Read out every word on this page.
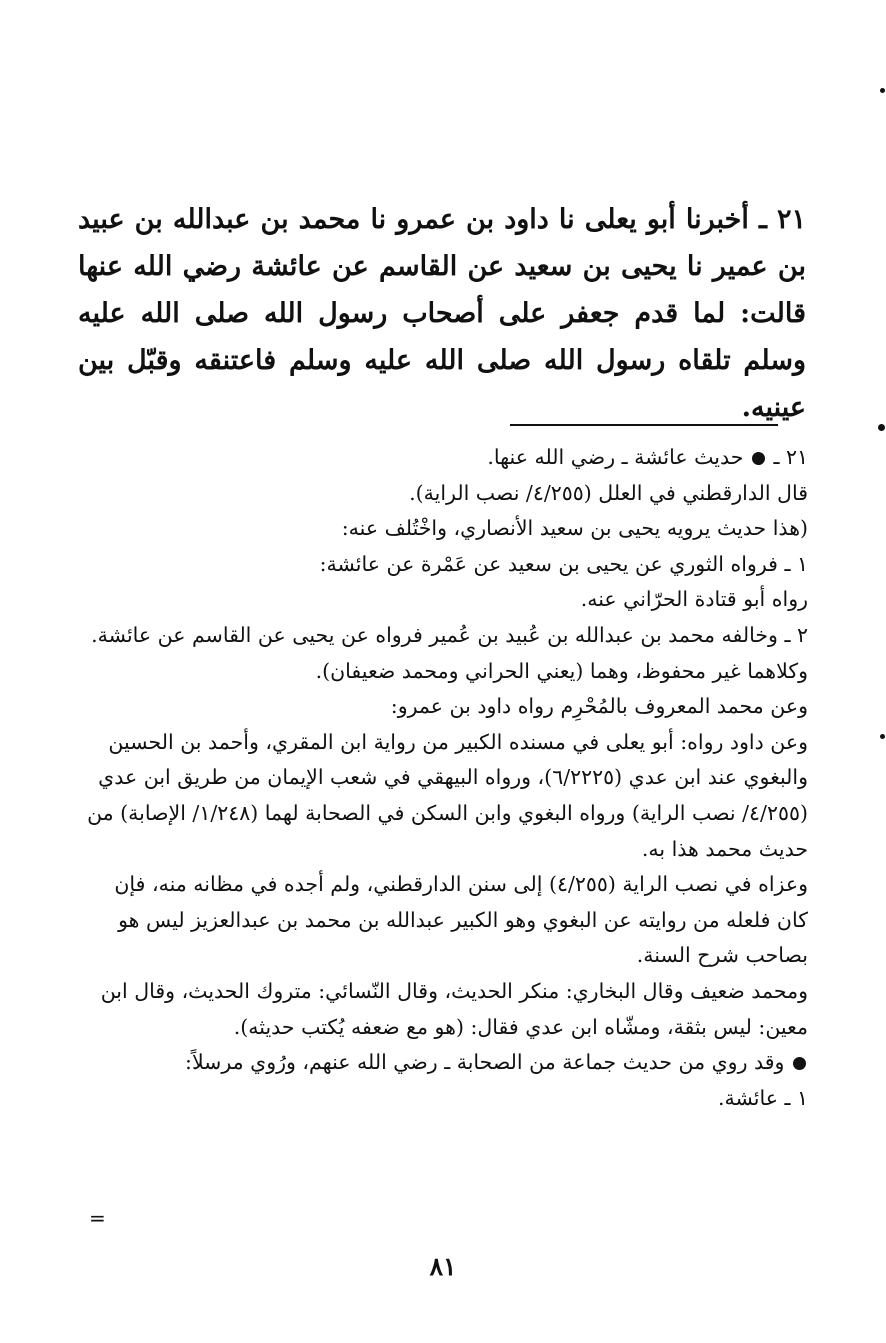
٢١ ـ أخبرنا أبو يعلى نا داود بن عمرو نا محمد بن عبدالله بن عبيد بن عمير نا يحيى بن سعيد عن القاسم عن عائشة رضي الله عنها قالت: لما قدم جعفر على أصحاب رسول الله صلى الله عليه وسلم تلقاه رسول الله صلى الله عليه وسلم فاعتنقه وقبّل بين عينيه.

٢١ ـ  حديث عائشة ـ رضي الله عنها.

قال الدارقطني في العلل (٤/٢٥٥/ نصب الراية).

(هذا حديث يرويه يحيى بن سعيد الأنصاري، واخْتُلف عنه:

١ ـ فرواه الثوري عن يحيى بن سعيد عن عَمْرة عن عائشة:

رواه أبو قتادة الحرّاني عنه.

٢ ـ وخالفه محمد بن عبدالله بن عُبيد بن عُمير فرواه عن يحيى عن القاسم عن عائشة.

وكلاهما غير محفوظ، وهما (يعني الحراني ومحمد ضعيفان).

وعن محمد المعروف بالمُحْرِم رواه داود بن عمرو:

وعن داود رواه: أبو يعلى في مسنده الكبير من رواية ابن المقري، وأحمد بن الحسين والبغوي عند ابن عدي (٦/٢٢٢٥)، ورواه البيهقي في شعب الإيمان من طريق ابن عدي (٤/٢٥٥/ نصب الراية) ورواه البغوي وابن السكن في الصحابة لهما (١/٢٤٨/ الإصابة) من حديث محمد هذا به.

وعزاه في نصب الراية (٤/٢٥٥) إلى سنن الدارقطني، ولم أجده في مظانه منه، فإن كان فلعله من روايته عن البغوي وهو الكبير عبدالله بن محمد بن عبدالعزيز ليس هو بصاحب شرح السنة.

ومحمد ضعيف وقال البخاري: منكر الحديث، وقال النّسائي: متروك الحديث، وقال ابن معين: ليس بثقة، ومشّاه ابن عدي فقال: (هو مع ضعفه يُكتب حديثه).

وقد روي من حديث جماعة من الصحابة ـ رضي الله عنهم، ورُوي مرسلاً:

١ ـ عائشة.

=
٨١
